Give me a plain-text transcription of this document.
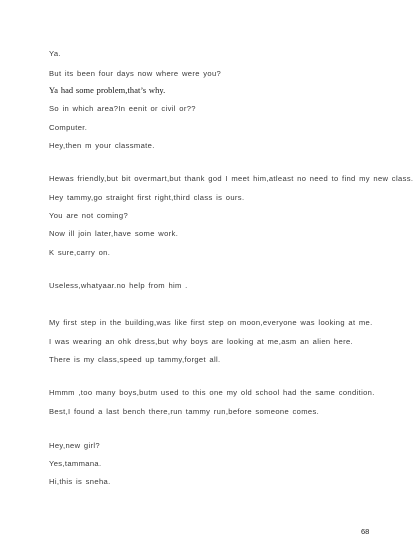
Ya.
But its been four days now where were you?
Ya had some problem,that’s why.
So in which area?In eenit or civil or??
Computer.
Hey,then m your classmate.
Hewas friendly,but bit overmart,but thank god I meet him,atleast no need to find my new class.
Hey tammy,go straight first right,third class is ours.
You are not coming?
Now ill join later,have some work.
K sure,carry on.
Useless,whatyaar.no help from him .
My first step in the building,was like first step on moon,everyone was looking at me.
I was wearing an ohk dress,but why boys are looking at me,asm an alien here.
There is my class,speed up tammy,forget all.
Hmmm ,too many boys,butm used to this one my old school had the same condition.
Best,I found a last bench there,run tammy run,before someone comes.
Hey,new girl?
Yes,tammana.
Hi,this is sneha.
68
